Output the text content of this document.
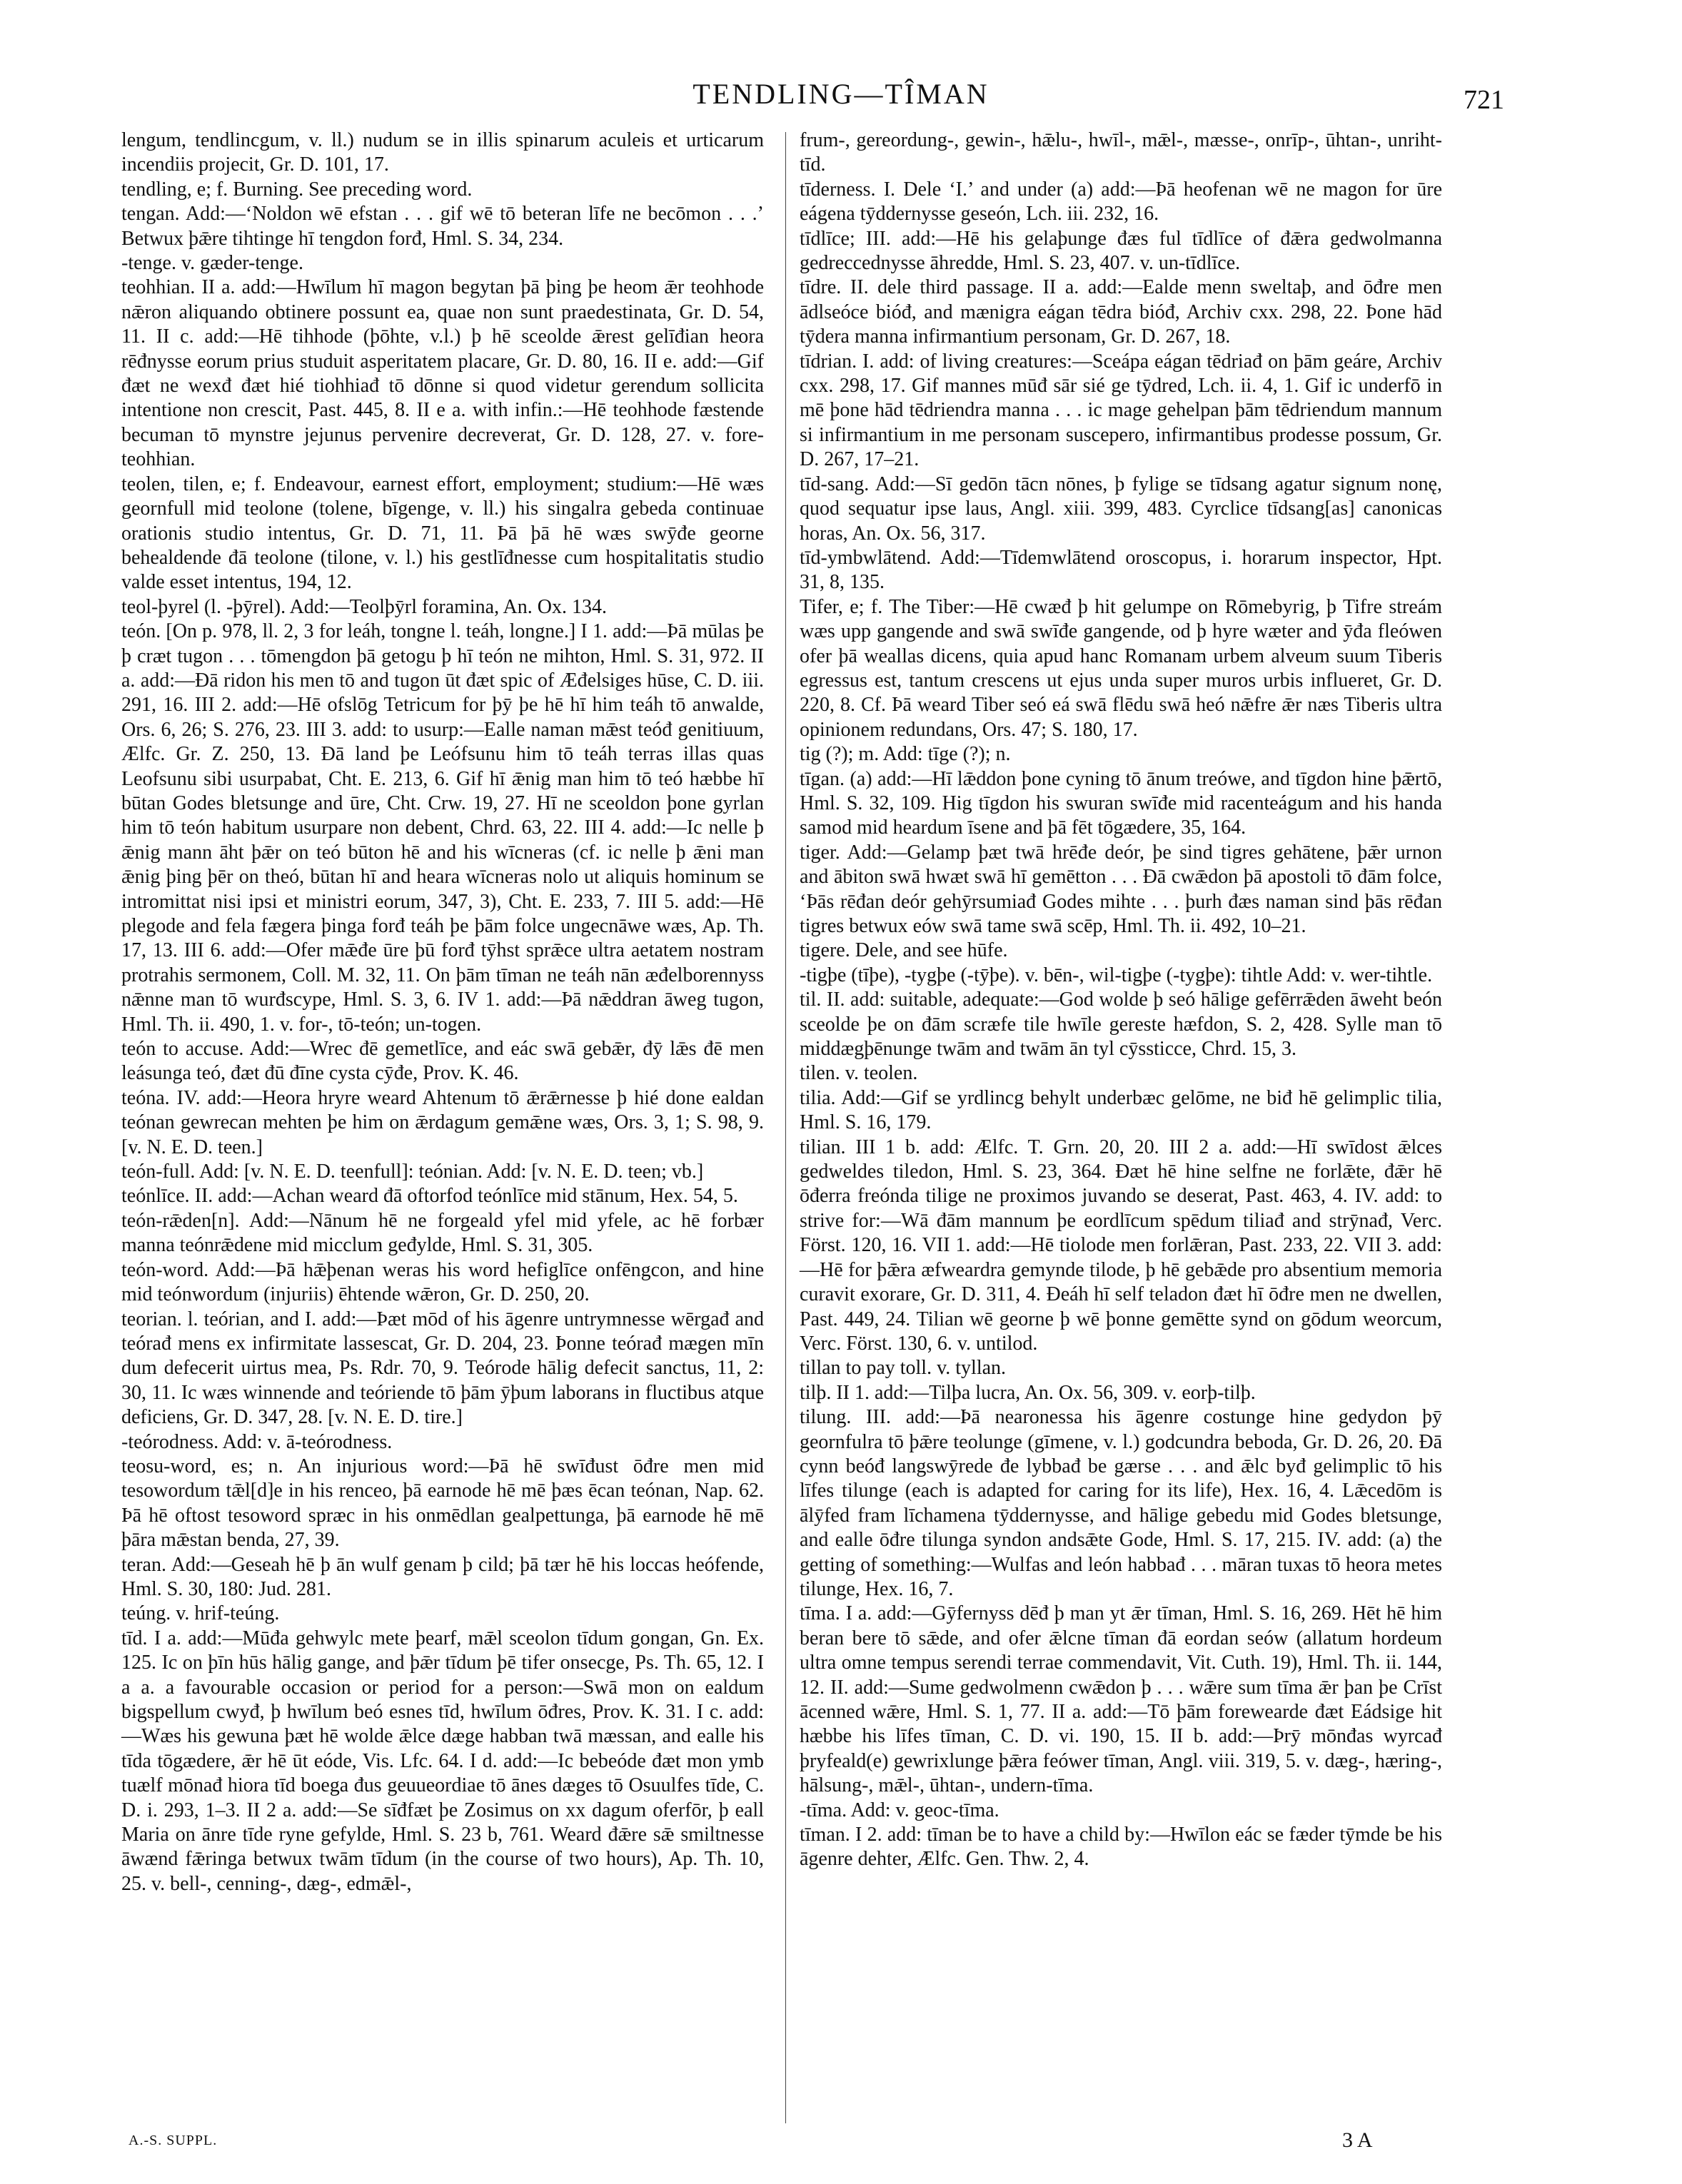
TENDLING—TÎMAN	721

lengum, tendlincgum, v. ll.) nudum se in illis spinarum aculeis et urticarum incendiis projecit, Gr. D. 101, 17.

tendling, e; f. Burning. See preceding word.

tengan. Add:—‘Noldon wē efstan . . . gif wē tō beteran līfe ne becōmon . . .’ Betwux þǣre tihtinge hī tengdon forđ, Hml. S. 34, 234.

-tenge. v. gæder-tenge.

teohhian. II a. add:—Hwīlum hī magon begytan þā þing þe heom ǣr teohhode nǣron aliquando obtinere possunt ea, quae non sunt praedestinata, Gr. D. 54, 11. II c. add:—Hē tihhode (þōhte, v.l.) þ hē sceolde ǣrest gelīđian heora rēđnysse eorum prius studuit asperitatem placare, Gr. D. 80, 16. II e. add:—Gif đæt ne wexđ đæt hié tiohhiađ tō dōnne si quod videtur gerendum sollicita intentione non crescit, Past. 445, 8. II e a. with infin.:—Hē teohhode fæstende becuman tō mynstre jejunus pervenire decreverat, Gr. D. 128, 27. v. fore-teohhian.

teolen, tilen, e; f. Endeavour, earnest effort, employment; studium:—Hē wæs geornfull mid teolone (tolene, bīgenge, v. ll.) his singalra gebeda continuae orationis studio intentus, Gr. D. 71, 11. Þā þā hē wæs swȳđe georne behealdende đā teolone (tilone, v. l.) his gestlīđnesse cum hospitalitatis studio valde esset intentus, 194, 12.

teol-þyrel (l. -þȳrel). Add:—Teolþȳrl foramina, An. Ox. 134.

teón. [On p. 978, ll. 2, 3 for leáh, tongne l. teáh, longne.] I 1. add:—Þā mūlas þe þ cræt tugon . . . tōmengdon þā getogu þ hī teón ne mihton, Hml. S. 31, 972. II a. add:—Đā ridon his men tō and tugon ūt đæt spic of Æđelsiges hūse, C. D. iii. 291, 16. III 2. add:—Hē ofslōg Tetricum for þȳ þe hē hī him teáh tō anwalde, Ors. 6, 26; S. 276, 23. III 3. add: to usurp:—Ealle naman mǣst teóđ genitiuum, Ælfc. Gr. Z. 250, 13. Đā land þe Leófsunu him tō teáh terras illas quas Leofsunu sibi usurpabat, Cht. E. 213, 6. Gif hī ǣnig man him tō teó hæbbe hī būtan Godes bletsunge and ūre, Cht. Crw. 19, 27. Hī ne sceoldon þone gyrlan him tō teón habitum usurpare non debent, Chrd. 63, 22. III 4. add:—Ic nelle þ ǣnig mann āht þǣr on teó būton hē and his wīcneras (cf. ic nelle þ ǣni man ǣnig þing þēr on theó, būtan hī and heara wīcneras nolo ut aliquis hominum se intromittat nisi ipsi et ministri eorum, 347, 3), Cht. E. 233, 7. III 5. add:—Hē plegode and fela fægera þinga forđ teáh þe þām folce ungecnāwe wæs, Ap. Th. 17, 13. III 6. add:—Ofer mǣđe ūre þū forđ tȳhst sprǣce ultra aetatem nostram protrahis sermonem, Coll. M. 32, 11. On þām tīman ne teáh nān æđelborennyss nǣnne man tō wurđscype, Hml. S. 3, 6. IV 1. add:—Þā nǣddran āweg tugon, Hml. Th. ii. 490, 1. v. for-, tō-teón; un-togen.

teón to accuse. Add:—Wrec đē gemetlīce, and eác swā gebǣr, đȳ lǣs đē men leásunga teó, đæt đū đīne cysta cȳđe, Prov. K. 46.

teóna. IV. add:—Heora hryre weard Ahtenum tō ǣrǣrnesse þ hié done ealdan teónan gewrecan mehten þe him on ǣrdagum gemǣne wæs, Ors. 3, 1; S. 98, 9. [v. N. E. D. teen.]

teón-full. Add: [v. N. E. D. teenfull]: teónian. Add: [v. N. E. D. teen; vb.]

teónlīce. II. add:—Achan weard đā oftorfod teónlīce mid stānum, Hex. 54, 5.

teón-rǣden[n]. Add:—Nānum hē ne forgeald yfel mid yfele, ac hē forbær manna teónrǣdene mid micclum geđylde, Hml. S. 31, 305.

teón-word. Add:—Þā hǣþenan weras his word hefiglīce onfēngcon, and hine mid teónwordum (injuriis) ēhtende wǣron, Gr. D. 250, 20.

teorian. l. teórian, and I. add:—Þæt mōd of his āgenre untrymnesse wērgađ and teórađ mens ex infirmitate lassescat, Gr. D. 204, 23. Þonne teórađ mægen mīn dum defecerit uirtus mea, Ps. Rdr. 70, 9. Teórode hālig defecit sanctus, 11, 2: 30, 11. Ic wæs winnende and teóriende tō þām ȳþum laborans in fluctibus atque deficiens, Gr. D. 347, 28. [v. N. E. D. tire.]

-teórodness. Add: v. ā-teórodness.

teosu-word, es; n. An injurious word:—Þā hē swīđust ōđre men mid tesowordum tǣl[d]e in his renceo, þā earnode hē mē þæs ēcan teónan, Nap. 62. Þā hē oftost tesoword spræc in his onmēdlan gealpettunga, þā earnode hē mē þāra mǣstan benda, 27, 39.

teran. Add:—Geseah hē þ ān wulf genam þ cild; þā tær hē his loccas heófende, Hml. S. 30, 180: Jud. 281.

teúng. v. hrif-teúng.

tīd. I a. add:—Mūđa gehwylc mete þearf, mǣl sceolon tīdum gongan, Gn. Ex. 125. Ic on þīn hūs hālig gange, and þǣr tīdum þē tifer onsecge, Ps. Th. 65, 12. I a a. a favourable occasion or period for a person:—Swā mon on ealdum bigspellum cwyđ, þ hwīlum beó esnes tīd, hwīlum ōđres, Prov. K. 31. I c. add:—Wæs his gewuna þæt hē wolde ǣlce dæge habban twā mæssan, and ealle his tīda tōgædere, ǣr hē ūt eóde, Vis. Lfc. 64. I d. add:—Ic bebeóde đæt mon ymb tuælf mōnađ hiora tīd boega đus geuueordiae tō ānes dæges tō Osuulfes tīde, C. D. i. 293, 1–3. II 2 a. add:—Se sīđfæt þe Zosimus on xx dagum oferfōr, þ eall Maria on ānre tīde ryne gefylde, Hml. S. 23 b, 761. Weard đǣre sǣ smiltnesse āwænd fǣringa betwux twām tīdum (in the course of two hours), Ap. Th. 10, 25. v. bell-, cenning-, dæg-, edmǣl-,

frum-, gereordung-, gewin-, hǣlu-, hwīl-, mǣl-, mæsse-, onrīp-, ūhtan-, unriht-tīd.

tīderness. I. Dele ‘I.’ and under (a) add:—Þā heofenan wē ne magon for ūre eágena tȳddernysse geseón, Lch. iii. 232, 16.

tīdlīce; III. add:—Hē his gelaþunge đæs ful tīdlīce of đǣra gedwolmanna gedreccednysse āhredde, Hml. S. 23, 407. v. un-tīdlīce.

tīdre. II. dele third passage. II a. add:—Ealde menn sweltaþ, and ōđre men ādlseóce bióđ, and mænigra eágan tēdra bióđ, Archiv cxx. 298, 22. Þone hād tȳdera manna infirmantium personam, Gr. D. 267, 18.

tīdrian. I. add: of living creatures:—Sceápa eágan tēdriađ on þām geáre, Archiv cxx. 298, 17. Gif mannes mūđ sār sié ge tȳdred, Lch. ii. 4, 1. Gif ic underfō in mē þone hād tēdriendra manna . . . ic mage gehelpan þām tēdriendum mannum si infirmantium in me personam suscepero, infirmantibus prodesse possum, Gr. D. 267, 17–21.

tīd-sang. Add:—Sī gedōn tācn nōnes, þ fylige se tīdsang agatur signum nonę, quod sequatur ipse laus, Angl. xiii. 399, 483. Cyrclice tīdsang[as] canonicas horas, An. Ox. 56, 317.

tīd-ymbwlātend. Add:—Tīdemwlātend oroscopus, i. horarum inspector, Hpt. 31, 8, 135.

Tifer, e; f. The Tiber:—Hē cwæđ þ hit gelumpe on Rōmebyrig, þ Tifre streám wæs upp gangende and swā swīđe gangende, od þ hyre wæter and ȳđa fleówen ofer þā weallas dicens, quia apud hanc Romanam urbem alveum suum Tiberis egressus est, tantum crescens ut ejus unda super muros urbis influeret, Gr. D. 220, 8. Cf. Þā weard Tiber seó eá swā flēdu swā heó nǣfre ǣr næs Tiberis ultra opinionem redundans, Ors. 47; S. 180, 17.

tig (?); m. Add: tīge (?); n.

tīgan. (a) add:—Hī lǣddon þone cyning tō ānum treówe, and tīgdon hine þǣrtō, Hml. S. 32, 109. Hig tīgdon his swuran swīđe mid racenteágum and his handa samod mid heardum īsene and þā fēt tōgædere, 35, 164.

tiger. Add:—Gelamp þæt twā hrēđe deór, þe sind tigres gehātene, þǣr urnon and ābiton swā hwæt swā hī gemētton . . . Đā cwǣdon þā apostoli tō đām folce, ‘Þās rēđan deór gehȳrsumiađ Godes mihte . . . þurh đæs naman sind þās rēđan tigres betwux eów swā tame swā scēp, Hml. Th. ii. 492, 10–21.

tigere. Dele, and see hūfe.

-tigþe (tīþe), -tygþe (-tȳþe). v. bēn-, wil-tigþe (-tygþe): tihtle Add: v. wer-tihtle.

til. II. add: suitable, adequate:—God wolde þ seó hālige gefērrǣden āweht beón sceolde þe on đām scræfe tile hwīle gereste hæfdon, S. 2, 428. Sylle man tō middægþēnunge twām and twām ān tyl cȳssticce, Chrd. 15, 3.

tilen. v. teolen.

tilia. Add:—Gif se yrdlincg behylt underbæc gelōme, ne biđ hē gelimplic tilia, Hml. S. 16, 179.

tilian. III 1 b. add: Ælfc. T. Grn. 20, 20. III 2 a. add:—Hī swīdost ǣlces gedweldes tiledon, Hml. S. 23, 364. Đæt hē hine selfne ne forlǣte, đǣr hē ōđerra freónda tilige ne proximos juvando se deserat, Past. 463, 4. IV. add: to strive for:—Wā đām mannum þe eordlīcum spēdum tiliađ and strȳnađ, Verc. Först. 120, 16. VII 1. add:—Hē tiolode men forlǣran, Past. 233, 22. VII 3. add:—Hē for þǣra æfweardra gemynde tilode, þ hē gebǣde pro absentium memoria curavit exorare, Gr. D. 311, 4. Đeáh hī self teladon đæt hī ōđre men ne dwellen, Past. 449, 24. Tilian wē georne þ wē þonne gemētte synd on gōdum weorcum, Verc. Först. 130, 6. v. untilod.

tillan to pay toll. v. tyllan.

tilþ. II 1. add:—Tilþa lucra, An. Ox. 56, 309. v. eorþ-tilþ.

tilung. III. add:—Þā nearonessa his āgenre costunge hine gedydon þȳ geornfulra tō þǣre teolunge (gīmene, v. l.) godcundra beboda, Gr. D. 26, 20. Đā cynn beóđ langswȳrede đe lybbađ be gærse . . . and ǣlc byđ gelimplic tō his līfes tilunge (each is adapted for caring for its life), Hex. 16, 4. Lǣcedōm is ālȳfed fram līchamena tȳddernysse, and hālige gebedu mid Godes bletsunge, and ealle ōđre tilunga syndon andsǣte Gode, Hml. S. 17, 215. IV. add: (a) the getting of something:—Wulfas and león habbađ . . . māran tuxas tō heora metes tilunge, Hex. 16, 7.

tīma. I a. add:—Gȳfernyss dēđ þ man yt ǣr tīman, Hml. S. 16, 269. Hēt hē him beran bere tō sǣde, and ofer ǣlcne tīman đā eordan seów (allatum hordeum ultra omne tempus serendi terrae commendavit, Vit. Cuth. 19), Hml. Th. ii. 144, 12. II. add:—Sume gedwolmenn cwǣdon þ . . . wǣre sum tīma ǣr þan þe Crīst ācenned wǣre, Hml. S. 1, 77. II a. add:—Tō þām forewearde đæt Eádsige hit hæbbe his līfes tīman, C. D. vi. 190, 15. II b. add:—Þrȳ mōnđas wyrcađ þryfeald(e) gewrixlunge þǣra feówer tīman, Angl. viii. 319, 5. v. dæg-, hæring-, hālsung-, mǣl-, ūhtan-, undern-tīma.

-tīma. Add: v. geoc-tīma.

tīman. I 2. add: tīman be to have a child by:—Hwīlon eác se fæder tȳmde be his āgenre dehter, Ælfc. Gen. Thw. 2, 4.

A.-S. SUPPL.	3 A
